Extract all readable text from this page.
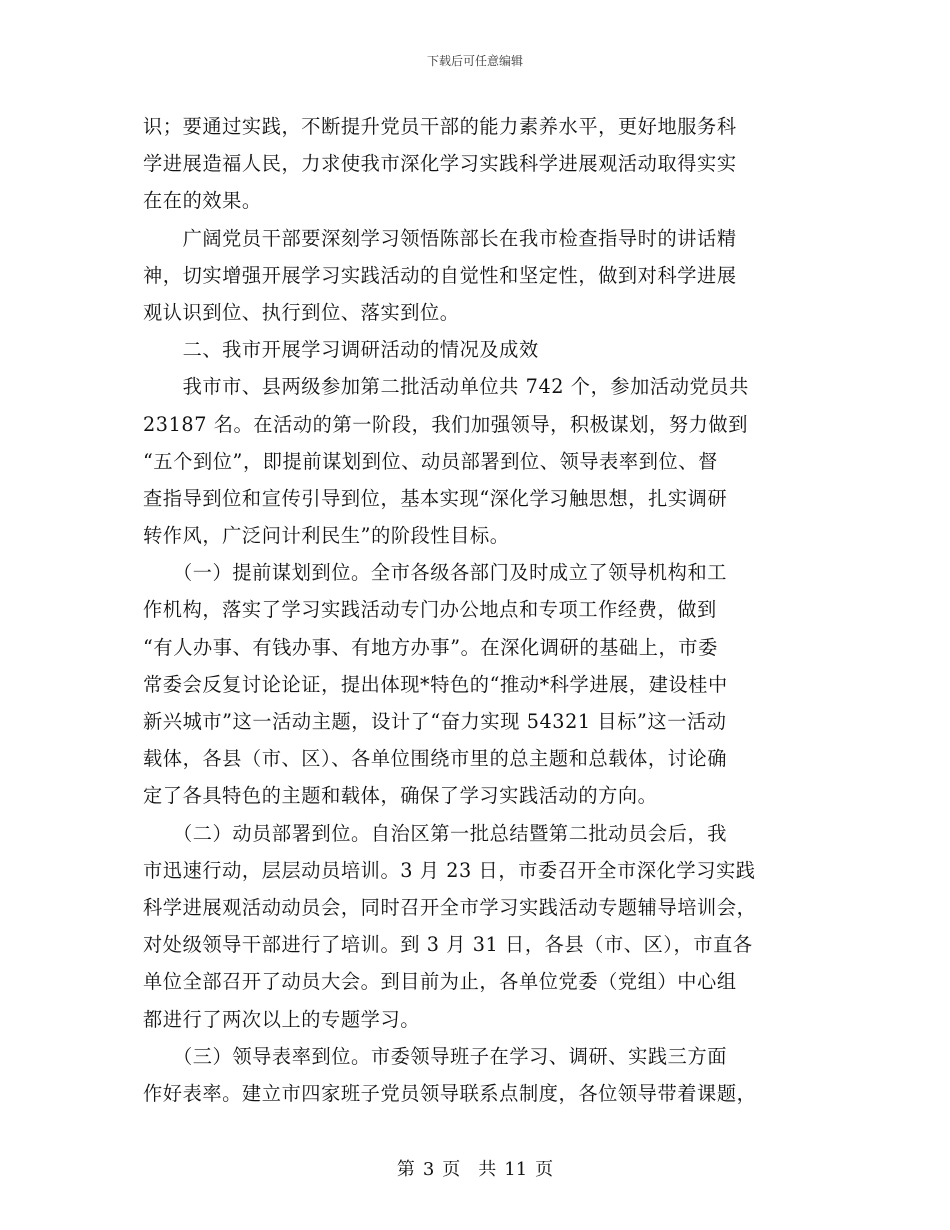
下载后可任意编辑
识；要通过实践，不断提升党员干部的能力素养水平，更好地服务科
学进展造福人民，力求使我市深化学习实践科学进展观活动取得实实
在在的效果。
　　广阔党员干部要深刻学习领悟陈部长在我市检查指导时的讲话精
神，切实增强开展学习实践活动的自觉性和坚定性，做到对科学进展
观认识到位、执行到位、落实到位。
　　二、我市开展学习调研活动的情况及成效
　　我市市、县两级参加第二批活动单位共 742 个，参加活动党员共
23187 名。在活动的第一阶段，我们加强领导，积极谋划，努力做到
“五个到位”，即提前谋划到位、动员部署到位、领导表率到位、督
查指导到位和宣传引导到位，基本实现“深化学习触思想，扎实调研
转作风，广泛问计利民生”的阶段性目标。
　　（一）提前谋划到位。全市各级各部门及时成立了领导机构和工
作机构，落实了学习实践活动专门办公地点和专项工作经费，做到
“有人办事、有钱办事、有地方办事”。在深化调研的基础上，市委
常委会反复讨论论证，提出体现*特色的“推动*科学进展，建设桂中
新兴城市”这一活动主题，设计了“奋力实现 54321 目标”这一活动
载体，各县（市、区）、各单位围绕市里的总主题和总载体，讨论确
定了各具特色的主题和载体，确保了学习实践活动的方向。
　　（二）动员部署到位。自治区第一批总结暨第二批动员会后，我
市迅速行动，层层动员培训。3 月 23 日，市委召开全市深化学习实践
科学进展观活动动员会，同时召开全市学习实践活动专题辅导培训会，
对处级领导干部进行了培训。到 3 月 31 日，各县（市、区），市直各
单位全部召开了动员大会。到目前为止，各单位党委（党组）中心组
都进行了两次以上的专题学习。
　　（三）领导表率到位。市委领导班子在学习、调研、实践三方面
作好表率。建立市四家班子党员领导联系点制度，各位领导带着课题，
第 3 页　共 11 页
